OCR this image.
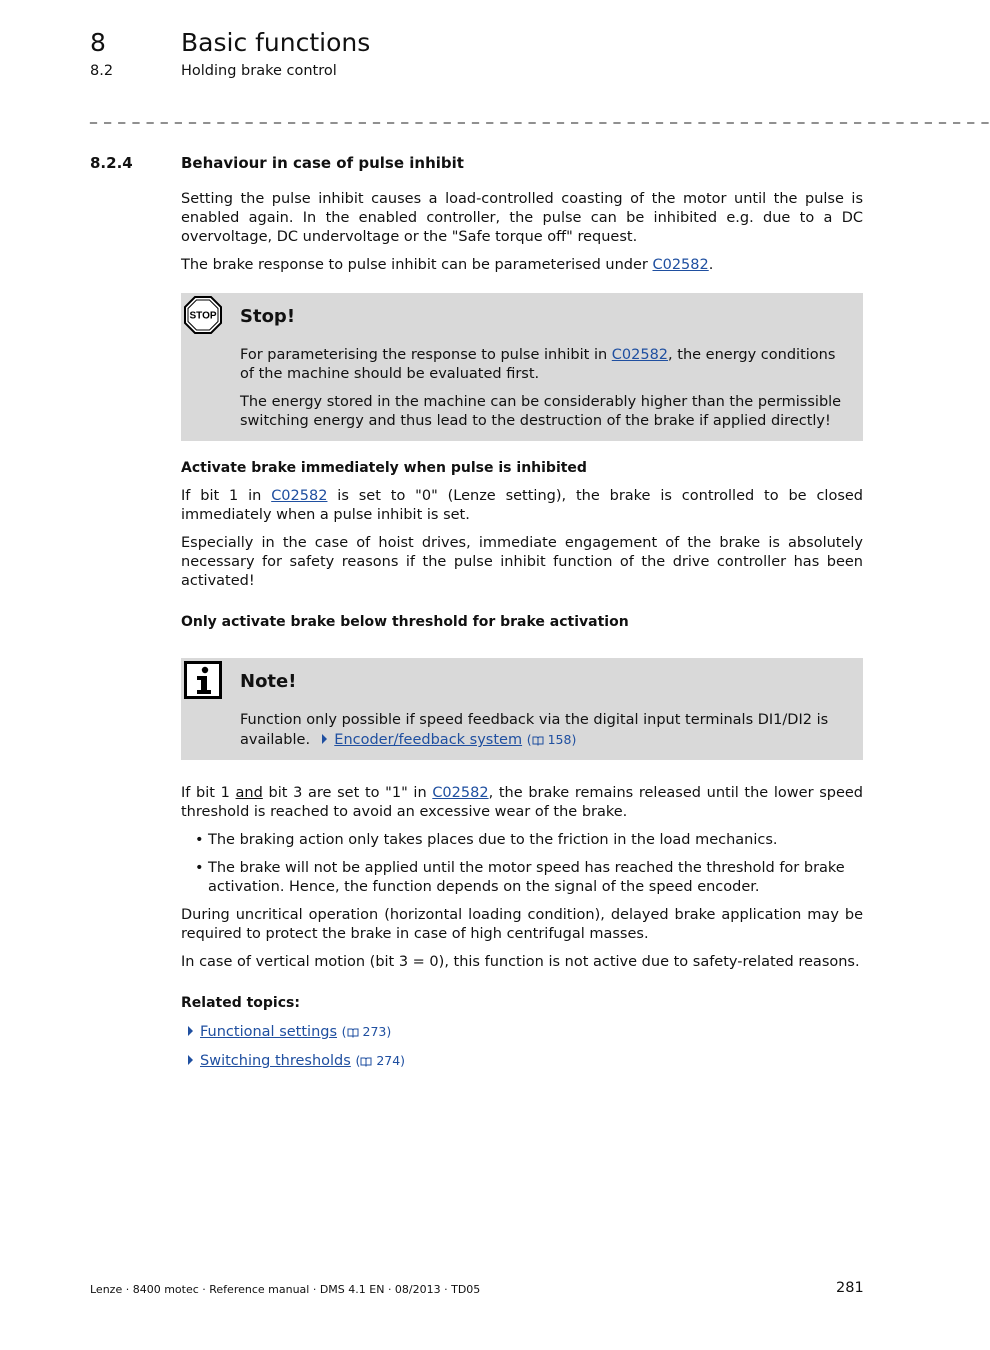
8	Basic functions
8.2	Holding brake control
_ _ _ _ _ _ _ _ _ _ _ _ _ _ _ _ _ _ _ _ _ _ _ _ _ _ _ _ _ _ _ _ _ _ _ _ _ _ _ _ _ _ _ _ _ _ _ _ _ _ _ _ _ _ _ _ _ _ _ _ _ _ _ _
8.2.4	Behaviour in case of pulse inhibit

Setting the pulse inhibit causes a load-controlled coasting of the motor until the pulse is enabled again. In the enabled controller, the pulse can be inhibited e.g. due to a DC overvoltage, DC undervoltage or the "Safe torque off" request.

The brake response to pulse inhibit can be parameterised under C02582.

STOP Stop!

For parameterising the response to pulse inhibit in C02582, the energy conditions of the machine should be evaluated first.

The energy stored in the machine can be considerably higher than the permissible switching energy and thus lead to the destruction of the brake if applied directly!

Activate brake immediately when pulse is inhibited

If bit 1 in C02582 is set to "0" (Lenze setting), the brake is controlled to be closed immediately when a pulse inhibit is set.

Especially in the case of hoist drives, immediate engagement of the brake is absolutely necessary for safety reasons if the pulse inhibit function of the drive controller has been activated!

Only activate brake below threshold for brake activation
Note!

Function only possible if speed feedback via the digital input terminals DI1/DI2 is available. Encoder/feedback system ( 158)

If bit 1 and bit 3 are set to "1" in C02582, the brake remains released until the lower speed threshold is reached to avoid an excessive wear of the brake.

• The braking action only takes places due to the friction in the load mechanics.
• The brake will not be applied until the motor speed has reached the threshold for brake activation. Hence, the function depends on the signal of the speed encoder.

During uncritical operation (horizontal loading condition), delayed brake application may be required to protect the brake in case of high centrifugal masses.

In case of vertical motion (bit 3 = 0), this function is not active due to safety-related reasons.

Related topics:
Functional settings ( 273)
Switching thresholds ( 274)
Lenze · 8400 motec · Reference manual · DMS 4.1 EN · 08/2013 · TD05	281
